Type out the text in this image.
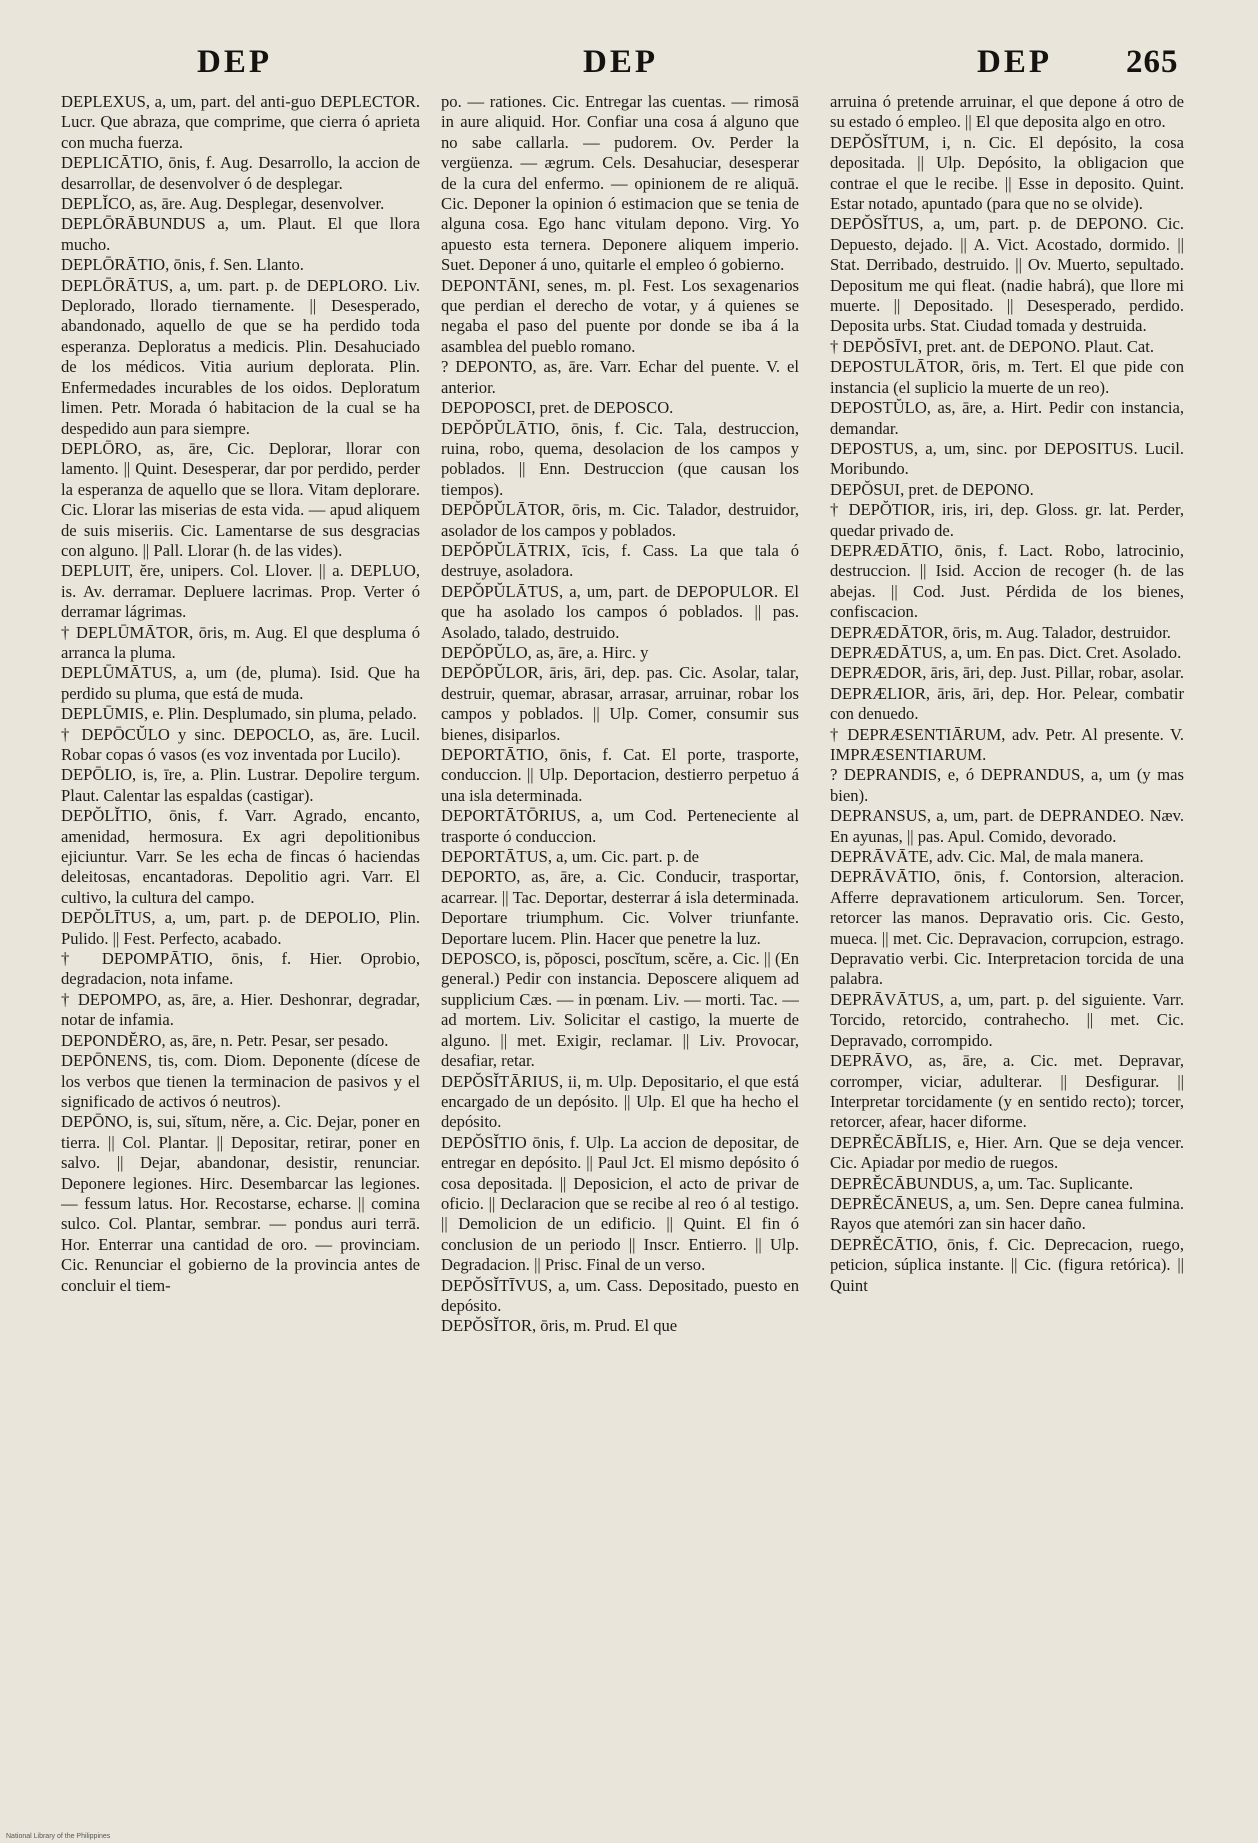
DEP	DEP	DEP 265

DEPLEXUS, a, um, part. del anti-guo DEPLECTOR. Lucr. Que abraza, que comprime, que cierra ó aprieta con mucha fuerza.

DEPLICĀTIO, ōnis, f. Aug. Desarrollo, la accion de desarrollar, de desenvolver ó de desplegar.

DEPLĬCO, as, āre. Aug. Desplegar, desenvolver.

DEPLŌRĀBUNDUS a, um. Plaut. El que llora mucho.

DEPLŌRĀTIO, ōnis, f. Sen. Llanto.

DEPLŌRĀTUS, a, um. part. p. de DEPLORO. Liv. Deplorado, llorado tiernamente. || Desesperado, abandonado, aquello de que se ha perdido toda esperanza. Deploratus a medicis. Plin. Desahuciado de los médicos. Vitia aurium deplorata. Plin. Enfermedades incurables de los oidos. Deploratum limen. Petr. Morada ó habitacion de la cual se ha despedido aun para siempre.

DEPLŌRO, as, āre, Cic. Deplorar, llorar con lamento. || Quint. Desesperar, dar por perdido, perder la esperanza de aquello que se llora. Vitam deplorare. Cic. Llorar las miserias de esta vida. — apud aliquem de suis miseriis. Cic. Lamentarse de sus desgracias con alguno. || Pall. Llorar (h. de las vides).

DEPLUIT, ĕre, unipers. Col. Llover. || a. DEPLUO, is. Av. derramar. Depluere lacrimas. Prop. Verter ó derramar lágrimas.

† DEPLŪMĀTOR, ōris, m. Aug. El que despluma ó arranca la pluma.

DEPLŪMĀTUS, a, um (de, pluma). Isid. Que ha perdido su pluma, que está de muda.

DEPLŪMIS, e. Plin. Desplumado, sin pluma, pelado.

† DEPŌCŬLO y sinc. DEPOCLO, as, āre. Lucil. Robar copas ó vasos (es voz inventada por Lucilo).

DEPŌLIO, is, īre, a. Plin. Lustrar. Depolire tergum. Plaut. Calentar las espaldas (castigar).

DEPŎLĬTIO, ōnis, f. Varr. Agrado, encanto, amenidad, hermosura. Ex agri depolitionibus ejiciuntur. Varr. Se les echa de fincas ó haciendas deleitosas, encantadoras. Depolitio agri. Varr. El cultivo, la cultura del campo.

DEPŎLĪTUS, a, um, part. p. de DEPOLIO, Plin. Pulido. || Fest. Perfecto, acabado.

† DEPOMPĀTIO, ōnis, f. Hier. Oprobio, degradacion, nota infame.

† DEPOMPO, as, āre, a. Hier. Deshonrar, degradar, notar de infamia.

DEPONDĔRO, as, āre, n. Petr. Pesar, ser pesado.

DEPŌNENS, tis, com. Diom. Deponente (dícese de los verbos que tienen la terminacion de pasivos y el significado de activos ó neutros).

DEPŌNO, is, sui, sĭtum, nĕre, a. Cic. Dejar, poner en tierra. || Col. Plantar. || Depositar, retirar, poner en salvo. || Dejar, abandonar, desistir, renunciar. Deponere legiones. Hirc. Desembarcar las legiones. — fessum latus. Hor. Recostarse, echarse. || comina sulco. Col. Plantar, sembrar. — pondus auri terrā. Hor. Enterrar una cantidad de oro. — provinciam. Cic. Renunciar el gobierno de la provincia antes de concluir el tiem-

po. — rationes. Cic. Entregar las cuentas. — rimosā in aure aliquid. Hor. Confiar una cosa á alguno que no sabe callarla. — pudorem. Ov. Perder la vergüenza. — ægrum. Cels. Desahuciar, desesperar de la cura del enfermo. — opinionem de re aliquā. Cic. Deponer la opinion ó estimacion que se tenia de alguna cosa. Ego hanc vitulam depono. Virg. Yo apuesto esta ternera. Deponere aliquem imperio. Suet. Deponer á uno, quitarle el empleo ó gobierno.

DEPONTĀNI, senes, m. pl. Fest. Los sexagenarios que perdian el derecho de votar, y á quienes se negaba el paso del puente por donde se iba á la asamblea del pueblo romano.

? DEPONTO, as, āre. Varr. Echar del puente. V. el anterior.

DEPOPOSCI, pret. de DEPOSCO.

DEPŎPŬLĀTIO, ōnis, f. Cic. Tala, destruccion, ruina, robo, quema, desolacion de los campos y poblados. || Enn. Destruccion (que causan los tiempos).

DEPŎPŬLĀTOR, ōris, m. Cic. Talador, destruidor, asolador de los campos y poblados.

DEPŎPŬLĀTRIX, īcis, f. Cass. La que tala ó destruye, asoladora.

DEPŎPŬLĀTUS, a, um, part. de DEPOPULOR. El que ha asolado los campos ó poblados. || pas. Asolado, talado, destruido.

DEPŎPŬLO, as, āre, a. Hirc. y

DEPŎPŬLOR, āris, āri, dep. pas. Cic. Asolar, talar, destruir, quemar, abrasar, arrasar, arruinar, robar los campos y poblados. || Ulp. Comer, consumir sus bienes, disiparlos.

DEPORTĀTIO, ōnis, f. Cat. El porte, trasporte, conduccion. || Ulp. Deportacion, destierro perpetuo á una isla determinada.

DEPORTĀTŌRIUS, a, um Cod. Perteneciente al trasporte ó conduccion.

DEPORTĀTUS, a, um. Cic. part. p. de

DEPORTO, as, āre, a. Cic. Conducir, trasportar, acarrear. || Tac. Deportar, desterrar á isla determinada. Deportare triumphum. Cic. Volver triunfante. Deportare lucem. Plin. Hacer que penetre la luz.

DEPOSCO, is, pŏposci, poscĭtum, scĕre, a. Cic. || (En general.) Pedir con instancia. Deposcere aliquem ad supplicium Cæs. — in pœnam. Liv. — morti. Tac. — ad mortem. Liv. Solicitar el castigo, la muerte de alguno. || met. Exigir, reclamar. || Liv. Provocar, desafiar, retar.

DEPŎSĬTĀRIUS, ii, m. Ulp. Depositario, el que está encargado de un depósito. || Ulp. El que ha hecho el depósito.

DEPŎSĬTIO ōnis, f. Ulp. La accion de depositar, de entregar en depósito. || Paul Jct. El mismo depósito ó cosa depositada. || Deposicion, el acto de privar de oficio. || Declaracion que se recibe al reo ó al testigo. || Demolicion de un edificio. || Quint. El fin ó conclusion de un periodo || Inscr. Entierro. || Ulp. Degradacion. || Prisc. Final de un verso.

DEPŎSĬTĪVUS, a, um. Cass. Depositado, puesto en depósito.

DEPŎSĬTOR, ōris, m. Prud. El que

arruina ó pretende arruinar, el que depone á otro de su estado ó empleo. || El que deposita algo en otro.

DEPŎSĬTUM, i, n. Cic. El depósito, la cosa depositada. || Ulp. Depósito, la obligacion que contrae el que le recibe. || Esse in deposito. Quint. Estar notado, apuntado (para que no se olvide).

DEPŎSĬTUS, a, um, part. p. de DEPONO. Cic. Depuesto, dejado. || A. Vict. Acostado, dormido. || Stat. Derribado, destruido. || Ov. Muerto, sepultado. Depositum me qui fleat. (nadie habrá), que llore mi muerte. || Depositado. || Desesperado, perdido. Deposita urbs. Stat. Ciudad tomada y destruida.

† DEPŎSĪVI, pret. ant. de DEPONO. Plaut. Cat.

DEPOSTULĀTOR, ōris, m. Tert. El que pide con instancia (el suplicio la muerte de un reo).

DEPOSTŬLO, as, āre, a. Hirt. Pedir con instancia, demandar.

DEPOSTUS, a, um, sinc. por DEPOSITUS. Lucil. Moribundo.

DEPŎSUI, pret. de DEPONO.

† DEPŎTIOR, iris, iri, dep. Gloss. gr. lat. Perder, quedar privado de.

DEPRÆDĀTIO, ōnis, f. Lact. Robo, latrocinio, destruccion. || Isid. Accion de recoger (h. de las abejas. || Cod. Just. Pérdida de los bienes, confiscacion.

DEPRÆDĀTOR, ōris, m. Aug. Talador, destruidor.

DEPRÆDĀTUS, a, um. En pas. Dict. Cret. Asolado.

DEPRÆDOR, āris, āri, dep. Just. Pillar, robar, asolar.

DEPRÆLIOR, āris, āri, dep. Hor. Pelear, combatir con denuedo.

† DEPRÆSENTIĀRUM, adv. Petr. Al presente. V. IMPRÆSENTIARUM.

? DEPRANDIS, e, ó DEPRANDUS, a, um (y mas bien).

DEPRANSUS, a, um, part. de DEPRANDEO. Næv. En ayunas, || pas. Apul. Comido, devorado.

DEPRĀVĀTE, adv. Cic. Mal, de mala manera.

DEPRĀVĀTIO, ōnis, f. Contorsion, alteracion. Afferre depravationem articulorum. Sen. Torcer, retorcer las manos. Depravatio oris. Cic. Gesto, mueca. || met. Cic. Depravacion, corrupcion, estrago. Depravatio verbi. Cic. Interpretacion torcida de una palabra.

DEPRĀVĀTUS, a, um, part. p. del siguiente. Varr. Torcido, retorcido, contrahecho. || met. Cic. Depravado, corrompido.

DEPRĀVO, as, āre, a. Cic. met. Depravar, corromper, viciar, adulterar. || Desfigurar. || Interpretar torcidamente (y en sentido recto); torcer, retorcer, afear, hacer diforme.

DEPRĔCĀBĬLIS, e, Hier. Arn. Que se deja vencer. Cic. Apiadar por medio de ruegos.

DEPRĔCĀBUNDUS, a, um. Tac. Suplicante.

DEPRĔCĀNEUS, a, um. Sen. Depre canea fulmina. Rayos que atemóri zan sin hacer daño.

DEPRĔCĀTIO, ōnis, f. Cic. Deprecacion, ruego, peticion, súplica instante. || Cic. (figura retórica). || Quint

National Library of the Philippines
